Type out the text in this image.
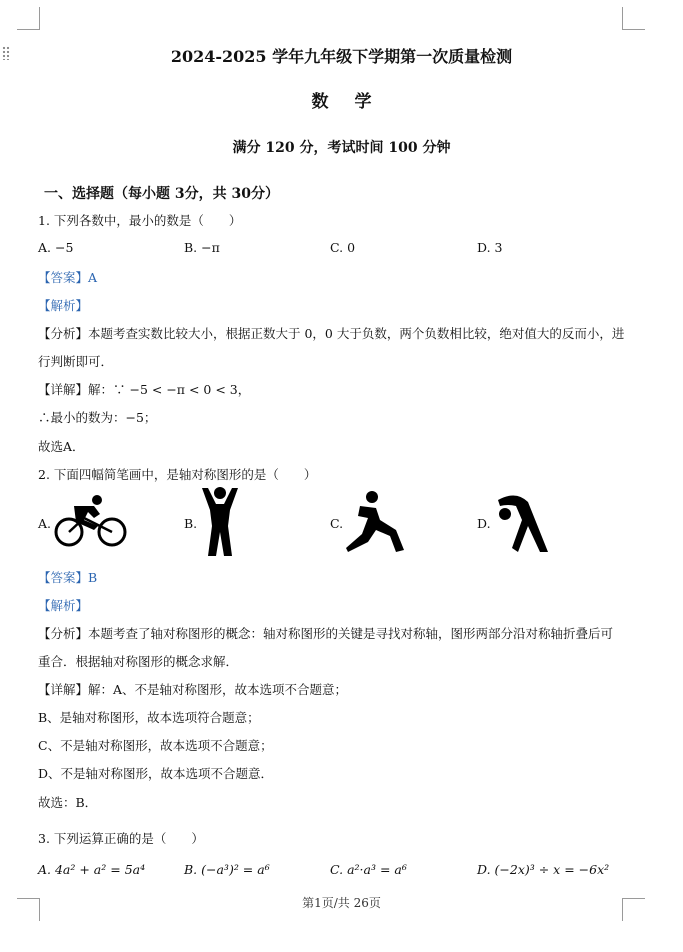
2024-2025 学年九年级下学期第一次质量检测
数学
满分 120 分，考试时间 100 分钟
一、选择题（每小题 3分，共 30分）
1. 下列各数中，最小的数是（　　）
A. −5	B. −π	C. 0	D. 3
【答案】A
【解析】
【分析】本题考查实数比较大小，根据正数大于 0，0 大于负数，两个负数相比较，绝对值大的反而小，进
行判断即可．
【详解】解：∵ −5 < −π < 0 < 3，
∴最小的数为：−5；
故选A．
2. 下面四幅简笔画中，是轴对称图形的是（　　）
A.	B.	C.	D.
【答案】B
【解析】
【分析】本题考查了轴对称图形的概念：轴对称图形的关键是寻找对称轴，图形两部分沿对称轴折叠后可
重合．根据轴对称图形的概念求解．
【详解】解：A、不是轴对称图形，故本选项不合题意；
B、是轴对称图形，故本选项符合题意；
C、不是轴对称图形，故本选项不合题意；
D、不是轴对称图形，故本选项不合题意．
故选：B．
3. 下列运算正确的是（　　）
A. 4a² + a² = 5a⁴	B. (−a³)² = a⁶	C. a²·a³ = a⁶	D. (−2x)³ ÷ x = −6x²
第1页/共 26页
